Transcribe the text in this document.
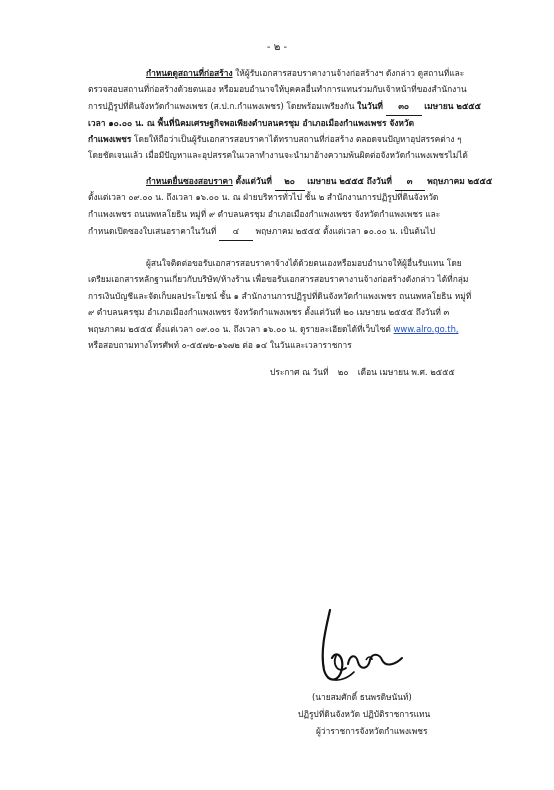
- ๒ -
กำหนดดูสถานที่ก่อสร้าง ให้ผู้รับเอกสารสอบราคางานจ้างก่อสร้างฯ ดังกล่าว ดูสถานที่และ
ตรวจสอบสถานที่ก่อสร้างด้วยตนเอง หรือมอบอำนาจให้บุคคลอื่นทำการแทนร่วมกับเจ้าหน้าที่ของสำนักงาน
การปฏิรูปที่ดินจังหวัดกำแพงเพชร (ส.ป.ก.กำแพงเพชร) โดยพร้อมเพรียงกัน ในวันที่ ๓๐ เมษายน ๒๕๕๕
เวลา ๑๐.๐๐ น. ณ พื้นที่นิคมเศรษฐกิจพอเพียงตำบลนครชุม อำเภอเมืองกำแพงเพชร จังหวัด
กำแพงเพชร โดยให้ถือว่าเป็นผู้รับเอกสารสอบราคาได้ทราบสถานที่ก่อสร้าง ตลอดจนปัญหาอุปสรรคต่าง ๆ
โดยชัดเจนแล้ว เมื่อมีปัญหาและอุปสรรคในเวลาทำงานจะนำมาอ้างความพ้นผิดต่อจังหวัดกำแพงเพชรไม่ได้
กำหนดยื่นซองสอบราคา ตั้งแต่วันที่ ๒๐ เมษายน ๒๕๕๕ ถึงวันที่ ๓ พฤษภาคม ๒๕๕๕
ตั้งแต่เวลา ๐๙.๐๐ น. ถึงเวลา ๑๖.๐๐ น. ณ ฝ่ายบริหารทั่วไป ชั้น ๒ สำนักงานการปฏิรูปที่ดินจังหวัด
กำแพงเพชร ถนนพหลโยธิน หมู่ที่ ๙ ตำบลนครชุม อำเภอเมืองกำแพงเพชร จังหวัดกำแพงเพชร และ
กำหนดเปิดซองใบเสนอราคาในวันที่ ๔ พฤษภาคม ๒๕๕๕ ตั้งแต่เวลา ๑๐.๐๐ น. เป็นต้นไป
ผู้สนใจติดต่อขอรับเอกสารสอบราคาจ้างได้ด้วยตนเองหรือมอบอำนาจให้ผู้อื่นรับแทน โดย
เตรียมเอกสารหลักฐานเกี่ยวกับบริษัท/ห้างร้าน เพื่อขอรับเอกสารสอบราคางานจ้างก่อสร้างดังกล่าว ได้ที่กลุ่ม
การเงินบัญชีและจัดเก็บผลประโยชน์ ชั้น ๑ สำนักงานการปฏิรูปที่ดินจังหวัดกำแพงเพชร ถนนพหลโยธิน หมู่ที่
๙ ตำบลนครชุม อำเภอเมืองกำแพงเพชร จังหวัดกำแพงเพชร ตั้งแต่วันที่ ๒๐ เมษายน ๒๕๕๕ ถึงวันที่ ๓
พฤษภาคม ๒๕๕๕ ตั้งแต่เวลา ๐๙.๐๐ น. ถึงเวลา ๑๖.๐๐ น. ดูรายละเอียดได้ที่เว็บไซต์ www.alro.go.th,
หรือสอบถามทางโทรศัพท์ ๐-๕๕๗๒-๑๖๗๒ ต่อ ๑๔ ในวันและเวลาราชการ
ประกาศ ณ วันที่ ๒๐ เดือน เมษายน พ.ศ. ๒๕๕๕
(นายสมศักดิ์ ธนพรดิษนันท์)
ปฏิรูปที่ดินจังหวัด ปฏิบัติราชการแทน
ผู้ว่าราชการจังหวัดกำแพงเพชร
